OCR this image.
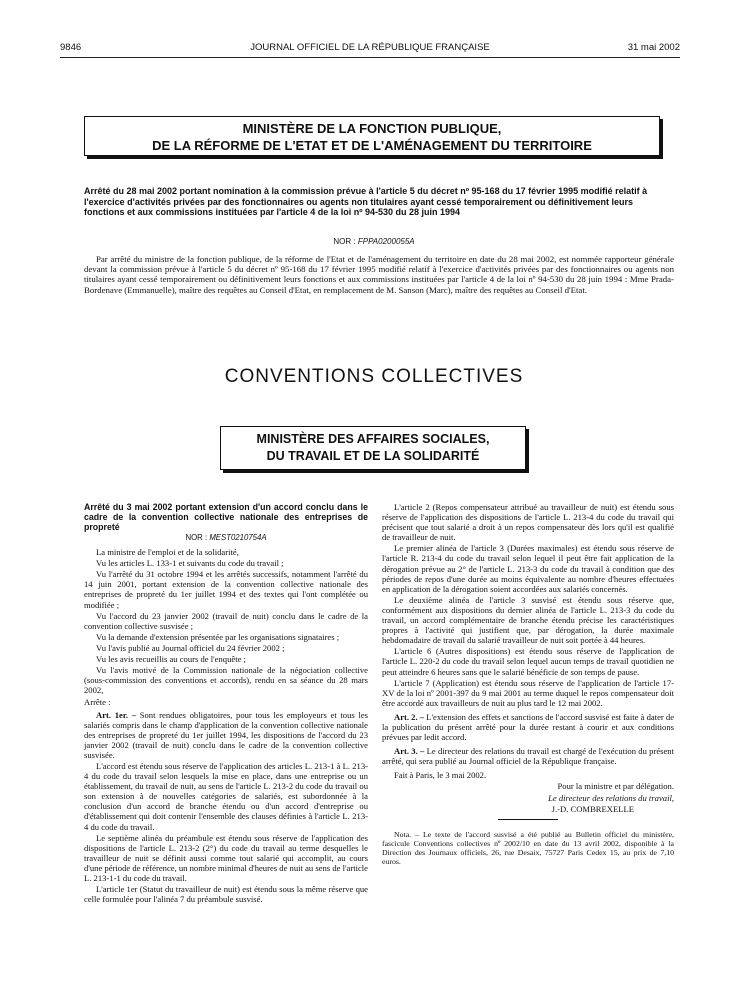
9846	JOURNAL OFFICIEL DE LA RÉPUBLIQUE FRANÇAISE	31 mai 2002
MINISTÈRE DE LA FONCTION PUBLIQUE,
DE LA RÉFORME DE L'ETAT ET DE L'AMÉNAGEMENT DU TERRITOIRE
Arrêté du 28 mai 2002 portant nomination à la commission prévue à l'article 5 du décret nº 95-168 du 17 février 1995 modifié relatif à l'exercice d'activités privées par des fonctionnaires ou agents non titulaires ayant cessé temporairement ou définitivement leurs fonctions et aux commissions instituées par l'article 4 de la loi nº 94-530 du 28 juin 1994
NOR : FPPA0200055A

Par arrêté du ministre de la fonction publique, de la réforme de l'Etat et de l'aménagement du territoire en date du 28 mai 2002, est nommée rapporteur générale devant la commission prévue à l'article 5 du décret nº 95-168 du 17 février 1995 modifié relatif à l'exercice d'activités privées par des fonctionnaires ou agents non titulaires ayant cessé temporairement ou définitivement leurs fonctions et aux commissions instituées par l'article 4 de la loi nº 94-530 du 28 juin 1994 : Mme Prada-Bordenave (Emmanuelle), maître des requêtes au Conseil d'Etat, en remplacement de M. Sanson (Marc), maître des requêtes au Conseil d'Etat.

CONVENTIONS COLLECTIVES
MINISTÈRE DES AFFAIRES SOCIALES,
DU TRAVAIL ET DE LA SOLIDARITÉ

Arrêté du 3 mai 2002 portant extension d'un accord conclu dans le cadre de la convention collective nationale des entreprises de propreté

NOR : MEST0210754A

La ministre de l'emploi et de la solidarité,

Vu les articles L. 133-1 et suivants du code du travail ;

Vu l'arrêté du 31 octobre 1994 et les arrêtés successifs, notamment l'arrêté du 14 juin 2001, portant extension de la convention collective nationale des entreprises de propreté du 1er juillet 1994 et des textes qui l'ont complétée ou modifiée ;

Vu l'accord du 23 janvier 2002 (travail de nuit) conclu dans le cadre de la convention collective susvisée ;

Vu la demande d'extension présentée par les organisations signataires ;

Vu l'avis publié au Journal officiel du 24 février 2002 ;

Vu les avis recueillis au cours de l'enquête ;

Vu l'avis motivé de la Commission nationale de la négociation collective (sous-commission des conventions et accords), rendu en sa séance du 28 mars 2002,

Arrête :

Art. 1er. – Sont rendues obligatoires, pour tous les employeurs et tous les salariés compris dans le champ d'application de la convention collective nationale des entreprises de propreté du 1er juillet 1994, les dispositions de l'accord du 23 janvier 2002 (travail de nuit) conclu dans le cadre de la convention collective susvisée.

L'accord est étendu sous réserve de l'application des articles L. 213-1 à L. 213-4 du code du travail selon lesquels la mise en place, dans une entreprise ou un établissement, du travail de nuit, au sens de l'article L. 213-2 du code du travail ou son extension à de nouvelles catégories de salariés, est subordonnée à la conclusion d'un accord de branche étendu ou d'un accord d'entreprise ou d'établissement qui doit contenir l'ensemble des clauses définies à l'article L. 213-4 du code du travail.

Le septième alinéa du préambule est étendu sous réserve de l'application des dispositions de l'article L. 213-2 (2°) du code du travail au terme desquelles le travailleur de nuit se définit aussi comme tout salarié qui accomplit, au cours d'une période de référence, un nombre minimal d'heures de nuit au sens de l'article L. 213-1-1 du code du travail.

L'article 1er (Statut du travailleur de nuit) est étendu sous la même réserve que celle formulée pour l'alinéa 7 du préambule susvisé.

L'article 2 (Repos compensateur attribué au travailleur de nuit) est étendu sous réserve de l'application des dispositions de l'article L. 213-4 du code du travail qui précisent que tout salarié a droit à un repos compensateur dès lors qu'il est qualifié de travailleur de nuit.

Le premier alinéa de l'article 3 (Durées maximales) est étendu sous réserve de l'article R. 213-4 du code du travail selon lequel il peut être fait application de la dérogation prévue au 2° de l'article L. 213-3 du code du travail à condition que des périodes de repos d'une durée au moins équivalente au nombre d'heures effectuées en application de la dérogation soient accordées aux salariés concernés.

Le deuxième alinéa de l'article 3 susvisé est étendu sous réserve que, conformément aux dispositions du dernier alinéa de l'article L. 213-3 du code du travail, un accord complémentaire de branche étendu précise les caractéristiques propres à l'activité qui justifient que, par dérogation, la durée maximale hebdomadaire de travail du salarié travailleur de nuit soit portée à 44 heures.

L'article 6 (Autres dispositions) est étendu sous réserve de l'application de l'article L. 220-2 du code du travail selon lequel aucun temps de travail quotidien ne peut atteindre 6 heures sans que le salarié bénéficie de son temps de pause.

L'article 7 (Application) est étendu sous réserve de l'application de l'article 17-XV de la loi nº 2001-397 du 9 mai 2001 au terme duquel le repos compensateur doit être accordé aux travailleurs de nuit au plus tard le 12 mai 2002.

Art. 2. – L'extension des effets et sanctions de l'accord susvisé est faite à dater de la publication du présent arrêté pour la durée restant à courir et aux conditions prévues par ledit accord.

Art. 3. – Le directeur des relations du travail est chargé de l'exécution du présent arrêté, qui sera publié au Journal officiel de la République française.

Fait à Paris, le 3 mai 2002.

Pour la ministre et par délégation.

Le directeur des relations du travail,

J.-D. COMBREXELLE

Nota. – Le texte de l'accord susvisé a été publié au Bulletin officiel du ministère, fascicule Conventions collectives nº 2002/10 en date du 13 avril 2002, disponible à la Direction des Journaux officiels, 26, rue Desaix, 75727 Paris Cedex 15, au prix de 7,10 euros.
